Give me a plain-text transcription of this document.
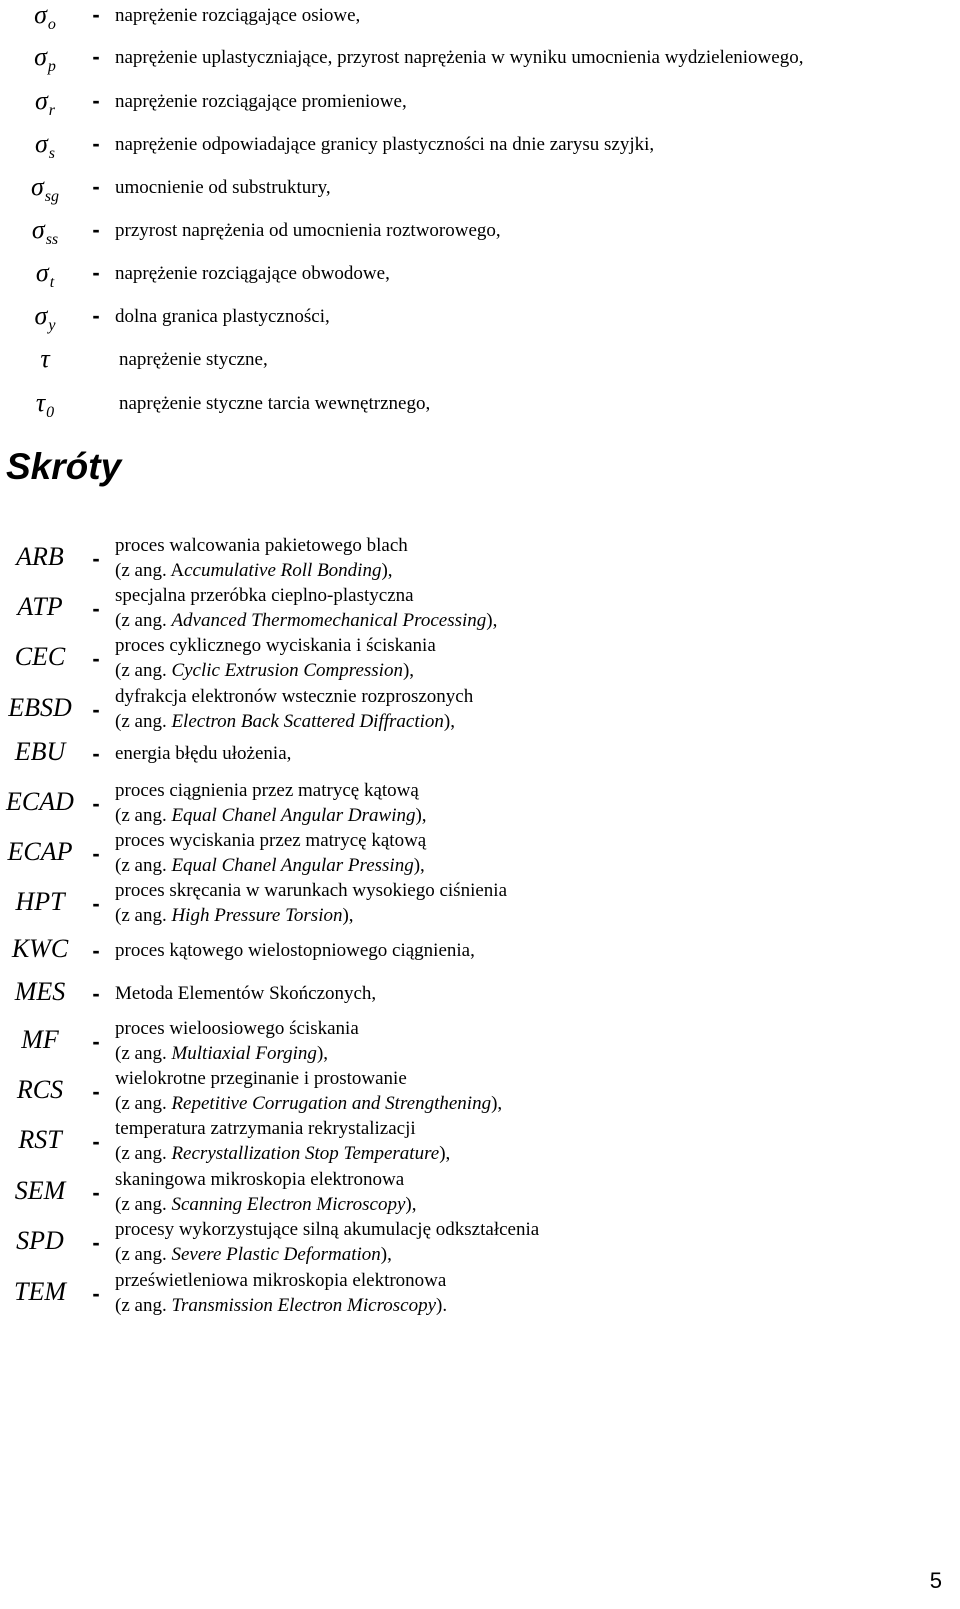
$\sigma_o$	- naprężenie rozciągające osiowe,
$\sigma_p$	- naprężenie uplastyczniające, przyrost naprężenia w wyniku umocnienia wydzieleniowego,
$\sigma_r$	- naprężenie rozciągające promieniowe,
$\sigma_s$	- naprężenie odpowiadające granicy plastyczności na dnie zarysu szyjki,
$\sigma_{sg}$	- umocnienie od substruktury,
$\sigma_{ss}$	- przyrost naprężenia od umocnienia roztworowego,
$\sigma_t$	- naprężenie rozciągające obwodowe,
$\sigma_y$	- dolna granica plastyczności,
τ	naprężenie styczne,
$\tau_0$	naprężenie styczne tarcia wewnętrznego,
Skróty
ARB	-
proces walcowania pakietowego blach
(z ang. Accumulative Roll Bonding),
ATP	-
specjalna przeróbka cieplno-plastyczna
(z ang. Advanced Thermomechanical Processing),
CEC	-
proces cyklicznego wyciskania i ściskania
(z ang. Cyclic Extrusion Compression),
EBSD -
dyfrakcja elektronów wstecznie rozproszonych
(z ang. Electron Back Scattered Diffraction),
EBU	- energia błędu ułożenia,
ECAD -
proces ciągnienia przez matrycę kątową
(z ang. Equal Chanel Angular Drawing),
ECAP -
proces wyciskania przez matrycę kątową
(z ang. Equal Chanel Angular Pressing),
HPT	-
proces skręcania w warunkach wysokiego ciśnienia
(z ang. High Pressure Torsion),
KWC	- proces kątowego wielostopniowego ciągnienia,
MES	- Metoda Elementów Skończonych,
MF	-
proces wieloosiowego ściskania
(z ang. Multiaxial Forging),
RCS	-
wielokrotne przeginanie i prostowanie
(z ang. Repetitive Corrugation and Strengthening),
RST	-
temperatura zatrzymania rekrystalizacji
(z ang. Recrystallization Stop Temperature),
SEM	-
skaningowa mikroskopia elektronowa
(z ang. Scanning Electron Microscopy),
SPD	-
procesy wykorzystujące silną akumulację odkształcenia
(z ang. Severe Plastic Deformation),
TEM	-
prześwietleniowa mikroskopia elektronowa
(z ang. Transmission Electron Microscopy).
5
